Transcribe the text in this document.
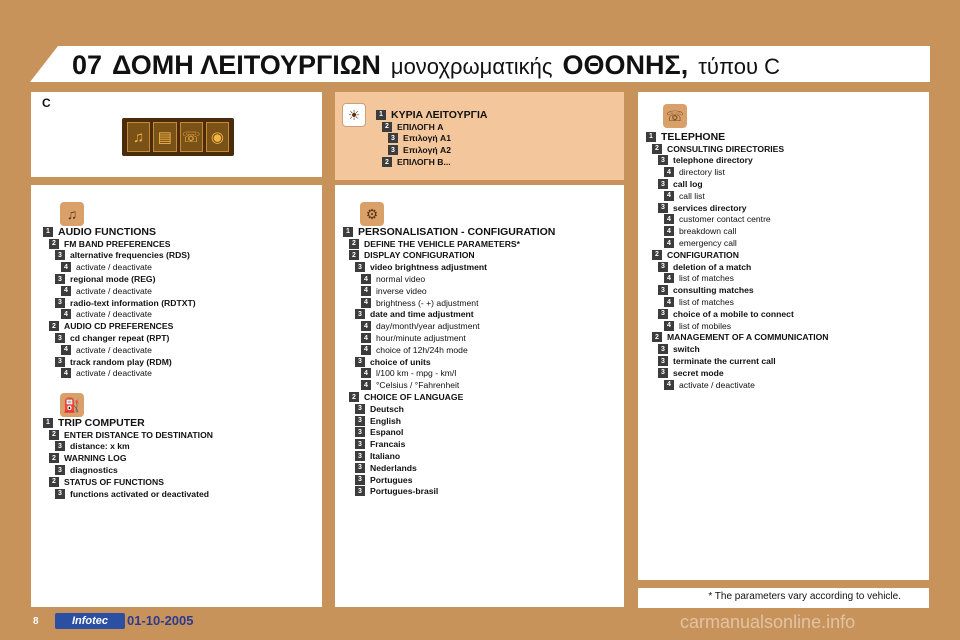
07 ΔΟΜΗ ΛΕΙΤΟΥΡΓΙΩΝ μονοχρωματικής ΟΘΟΝΗΣ, τύπου C
C
♫ ▤ ☏ ◉
☀
♫
⛽
⚙
☏
1 ΚΥΡΙΑ ΛΕΙΤΟΥΡΓΙΑ
2 ΕΠΙΛΟΓΗ A
3 Επιλογή A1
3 Επιλογή A2
2 ΕΠΙΛΟΓΗ B...
1 AUDIO FUNCTIONS
2 FM BAND PREFERENCES
3 alternative frequencies (RDS)
4 activate / deactivate
3 regional mode (REG)
4 activate / deactivate
3 radio-text information (RDTXT)
4 activate / deactivate
2 AUDIO CD PREFERENCES
3 cd changer repeat (RPT)
4 activate / deactivate
3 track random play (RDM)
4 activate / deactivate
1 TRIP COMPUTER
2 ENTER DISTANCE TO DESTINATION
3 distance: x km
2 WARNING LOG
3 diagnostics
2 STATUS OF FUNCTIONS
3 functions activated or deactivated
1 PERSONALISATION - CONFIGURATION
2 DEFINE THE VEHICLE PARAMETERS*
2 DISPLAY CONFIGURATION
3 video brightness adjustment
4 normal video
4 inverse video
4 brightness (- +) adjustment
3 date and time adjustment
4 day/month/year adjustment
4 hour/minute adjustment
4 choice of 12h/24h mode
3 choice of units
4 l/100 km - mpg - km/l
4 °Celsius / °Fahrenheit
2 CHOICE OF LANGUAGE
3 Deutsch
3 English
3 Espanol
3 Francais
3 Italiano
3 Nederlands
3 Portugues
3 Portugues-brasil
1 TELEPHONE
2 CONSULTING DIRECTORIES
3 telephone directory
4 directory list
3 call log
4 call list
3 services directory
4 customer contact centre
4 breakdown call
4 emergency call
2 CONFIGURATION
3 deletion of a match
4 list of matches
3 consulting matches
4 list of matches
3 choice of a mobile to connect
4 list of mobiles
2 MANAGEMENT OF A COMMUNICATION
3 switch
3 terminate the current call
3 secret mode
4 activate / deactivate
* The parameters vary according to vehicle.
8	Infotec	01-10-2005	carmanualsonline.info
